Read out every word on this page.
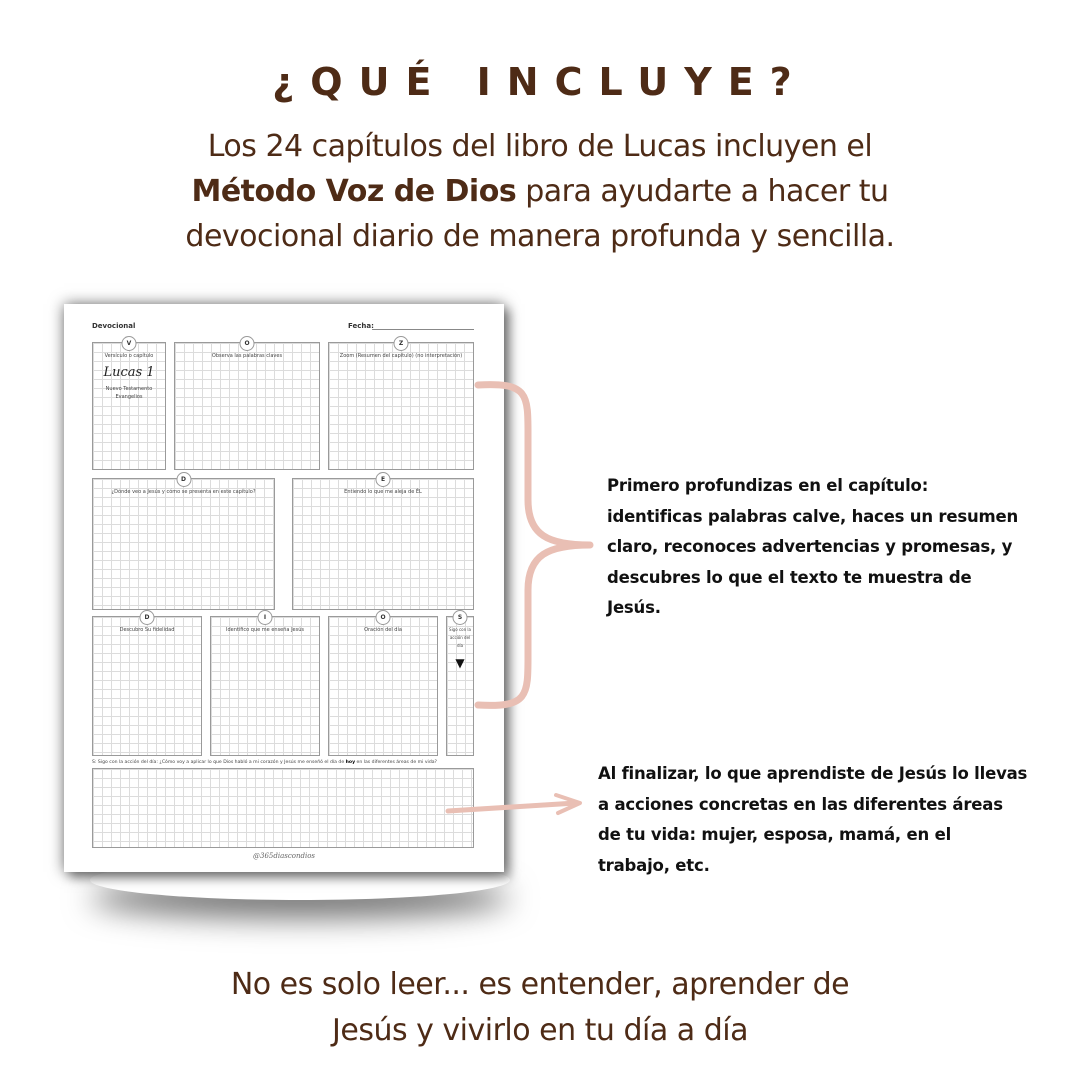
¿QUÉ INCLUYE?
Los 24 capítulos del libro de Lucas incluyen el
Método Voz de Dios para ayudarte a hacer tu
devocional diario de manera profunda y sencilla.
Devocional	Fecha:
V
Versículo o capítulo
Lucas 1
Nuevo Testamento
Evangelios
O
Observa las palabras claves
Z
Zoom (Resumen del capítulo) (no interpretación)
D
¿Dónde veo a Jesús y cómo se presenta en este capítulo?
E
Entiendo lo que me aleja de ÉL
D
Descubro Su fidelidad
I
Identifico que me enseña Jesús
O
Oración del día
S
Sigo con la acción del día
▼
S: Sigo con la acción del día: ¿Cómo voy a aplicar lo que Dios habló a mi corazón y Jesús me enseñó el día de hoy en las diferentes áreas de mi vida?
@365diascondios
Primero profundizas en el capítulo: identificas palabras calve, haces un resumen claro, reconoces advertencias y promesas, y descubres lo que el texto te muestra de Jesús.
Al finalizar, lo que aprendiste de Jesús lo llevas a acciones concretas en las diferentes áreas de tu vida: mujer, esposa, mamá, en el trabajo, etc.
No es solo leer... es entender, aprender de
Jesús y vivirlo en tu día a día
